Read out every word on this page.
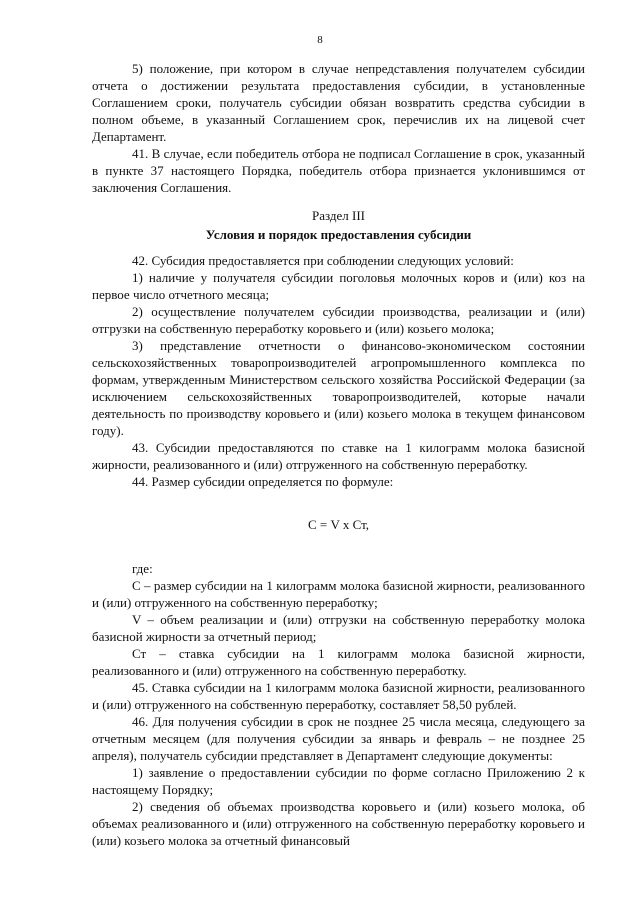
8

5) положение, при котором в случае непредставления получателем субсидии отчета о достижении результата предоставления субсидии, в установленные Соглашением сроки, получатель субсидии обязан возвратить средства субсидии в полном объеме, в указанный Соглашением срок, перечислив их на лицевой счет Департамент.

41. В случае, если победитель отбора не подписал Соглашение в срок, указанный в пункте 37 настоящего Порядка, победитель отбора признается уклонившимся от заключения Соглашения.

Раздел III
Условия и порядок предоставления субсидии

42. Субсидия предоставляется при соблюдении следующих условий:

1) наличие у получателя субсидии поголовья молочных коров и (или) коз на первое число отчетного месяца;

2) осуществление получателем субсидии производства, реализации и (или) отгрузки на собственную переработку коровьего и (или) козьего молока;

3) представление отчетности о финансово-экономическом состоянии сельскохозяйственных товаропроизводителей агропромышленного комплекса по формам, утвержденным Министерством сельского хозяйства Российской Федерации (за исключением сельскохозяйственных товаропроизводителей, которые начали деятельность по производству коровьего и (или) козьего молока в текущем финансовом году).

43. Субсидии предоставляются по ставке на 1 килограмм молока базисной жирности, реализованного и (или) отгруженного на собственную переработку.

44. Размер субсидии определяется по формуле:

С = V х Ст,

где:

С – размер субсидии на 1 килограмм молока базисной жирности, реализованного и (или) отгруженного на собственную переработку;

V – объем реализации и (или) отгрузки на собственную переработку молока базисной жирности за отчетный период;

Ст – ставка субсидии на 1 килограмм молока базисной жирности, реализованного и (или) отгруженного на собственную переработку.

45. Ставка субсидии на 1 килограмм молока базисной жирности, реализованного и (или) отгруженного на собственную переработку, составляет 58,50 рублей.

46. Для получения субсидии в срок не позднее 25 числа месяца, следующего за отчетным месяцем (для получения субсидии за январь и февраль – не позднее 25 апреля), получатель субсидии представляет в Департамент следующие документы:

1) заявление о предоставлении субсидии по форме согласно Приложению 2 к настоящему Порядку;

2) сведения об объемах производства коровьего и (или) козьего молока, об объемах реализованного и (или) отгруженного на собственную переработку коровьего и (или) козьего молока за отчетный финансовый
